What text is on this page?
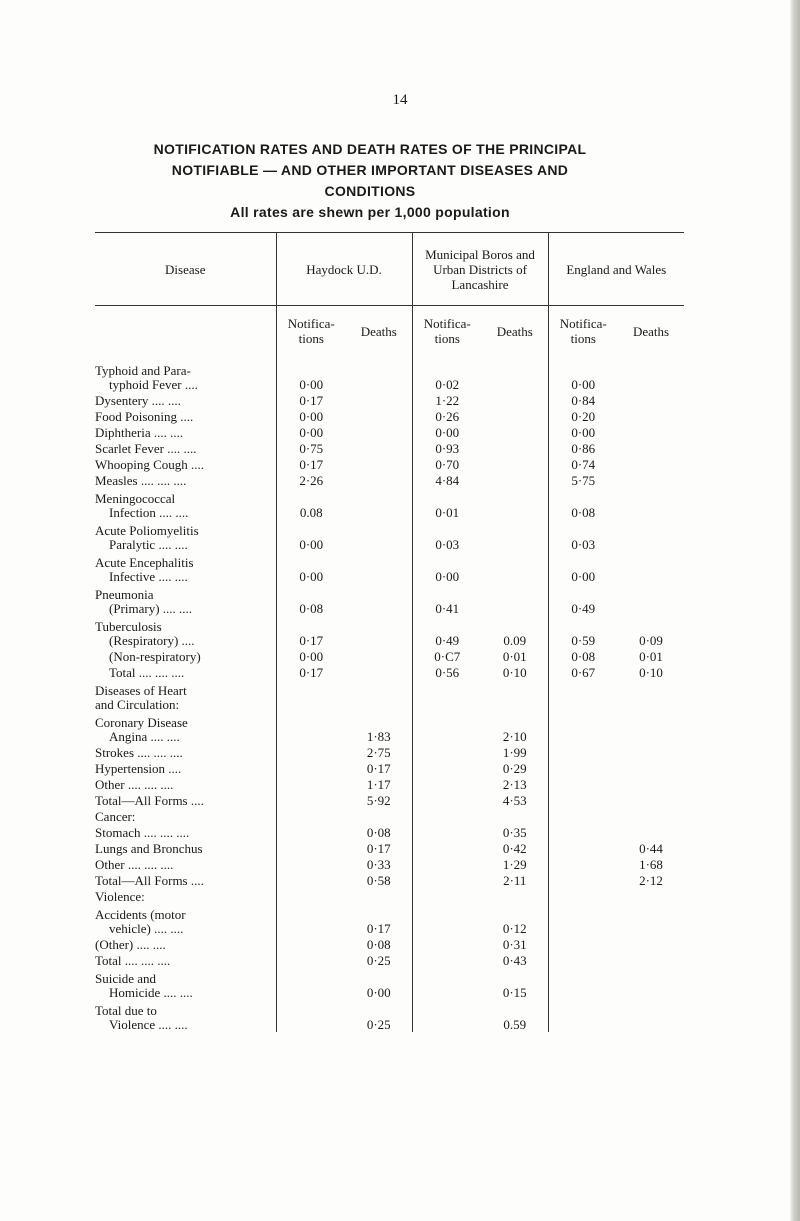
14
NOTIFICATION RATES AND DEATH RATES OF THE PRINCIPAL
NOTIFIABLE — AND OTHER IMPORTANT DISEASES AND
CONDITIONS
All rates are shewn per 1,000 population
Disease	Haydock U.D.		Municipal Boros and Urban Districts of Lancashire		England and Wales	
	Notifica- tions	Deaths	Notifica- tions	Deaths	Notifica- tions	Deaths

Typhoid and Para-
typhoid Fever ....	0·00		0·02		0·00	

Dysentery .... ....	0·17		1·22		0·84	

Food Poisoning ....	0·00		0·26		0·20	

Diphtheria .... ....	0·00		0·00		0·00	

Scarlet Fever .... ....	0·75		0·93		0·86	

Whooping Cough ....	0·17		0·70		0·74	

Measles .... .... ....	2·26		4·84		5·75	

Meningococcal
Infection .... ....	0.08		0·01		0·08	

Acute Poliomyelitis
Paralytic .... ....	0·00		0·03		0·03	

Acute Encephalitis
Infective .... ....	0·00		0·00		0·00	

Pneumonia
(Primary) .... ....	0·08		0·41		0·49	

Tuberculosis
(Respiratory) ....	0·17		0·49	0.09	0·59	0·09

(Non-respiratory)	0·00		0·C7	0·01	0·08	0·01

Total .... .... ....	0·17		0·56	0·10	0·67	0·10

Diseases of Heart
and Circulation:						

Coronary Disease
Angina .... ....		1·83		2·10		

Strokes .... .... ....		2·75		1·99		

Hypertension ....		0·17		0·29		

Other .... .... ....		1·17		2·13		

Total—All Forms ....		5·92		4·53		

Cancer:						

Stomach .... .... ....		0·08		0·35		

Lungs and Bronchus		0·17		0·42		0·44

Other .... .... ....		0·33		1·29		1·68

Total—All Forms ....		0·58		2·11		2·12

Violence:						

Accidents (motor
vehicle) .... ....		0·17		0·12		

(Other) .... ....		0·08		0·31		

Total .... .... ....		0·25		0·43		

Suicide and
Homicide .... ....		0·00		0·15		

Total due to
Violence .... ....		0·25		0.59		
